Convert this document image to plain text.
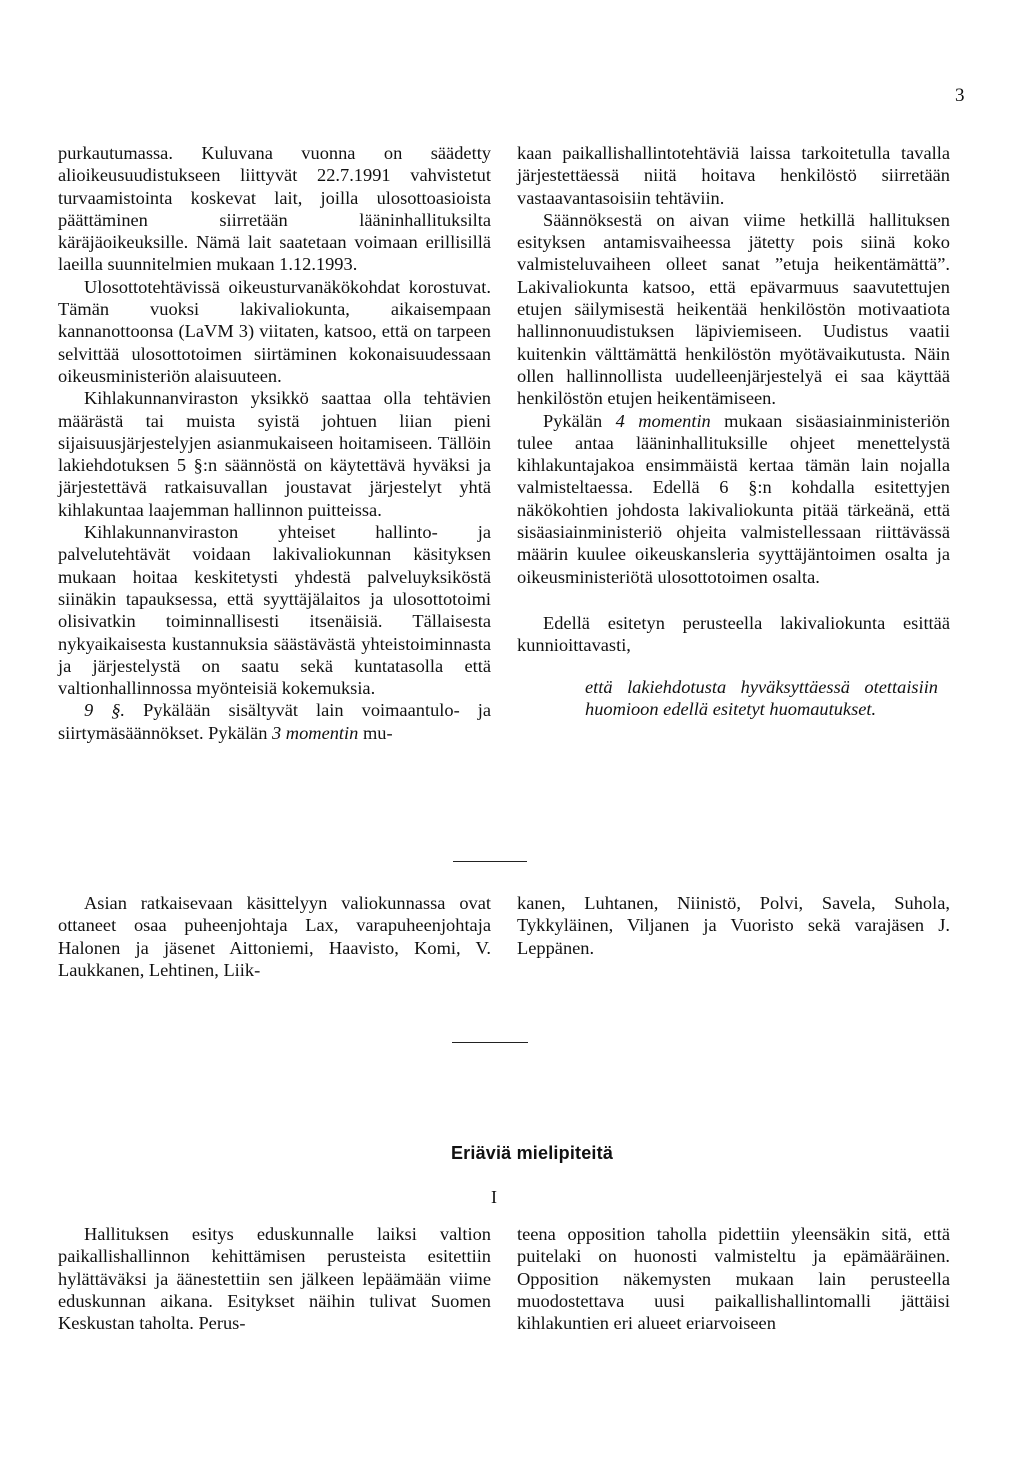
3

purkautumassa. Kuluvana vuonna on säädetty alioikeusuudistukseen liittyvät 22.7.1991 vahvistetut turvaamistointa koskevat lait, joilla ulosottoasioista päättäminen siirretään lääninhallituksilta käräjäoikeuksille. Nämä lait saatetaan voimaan erillisillä laeilla suunnitelmien mukaan 1.12.1993.

Ulosottotehtävissä oikeusturvanäkökohdat korostuvat. Tämän vuoksi lakivaliokunta, aikaisempaan kannanottoonsa (LaVM 3) viitaten, katsoo, että on tarpeen selvittää ulosottotoimen siirtäminen kokonaisuudessaan oikeusministeriön alaisuuteen.

Kihlakunnanviraston yksikkö saattaa olla tehtävien määrästä tai muista syistä johtuen liian pieni sijaisuusjärjestelyjen asianmukaiseen hoitamiseen. Tällöin lakiehdotuksen 5 §:n säännöstä on käytettävä hyväksi ja järjestettävä ratkaisuvallan joustavat järjestelyt yhtä kihlakuntaa laajemman hallinnon puitteissa.

Kihlakunnanviraston yhteiset hallinto- ja palvelutehtävät voidaan lakivaliokunnan käsityksen mukaan hoitaa keskitetysti yhdestä palveluyksiköstä siinäkin tapauksessa, että syyttäjälaitos ja ulosottotoimi olisivatkin toiminnallisesti itsenäisiä. Tällaisesta nykyaikaisesta kustannuksia säästävästä yhteistoiminnasta ja järjestelystä on saatu sekä kuntatasolla että valtionhallinnossa myönteisiä kokemuksia.

9 §. Pykälään sisältyvät lain voimaantulo- ja siirtymäsäännökset. Pykälän 3 momentin mu-

kaan paikallishallintotehtäviä laissa tarkoitetulla tavalla järjestettäessä niitä hoitava henkilöstö siirretään vastaavantasoisiin tehtäviin.

Säännöksestä on aivan viime hetkillä hallituksen esityksen antamisvaiheessa jätetty pois siinä koko valmisteluvaiheen olleet sanat ”etuja heikentämättä”. Lakivaliokunta katsoo, että epävarmuus saavutettujen etujen säilymisestä heikentää henkilöstön motivaatiota hallinnonuudistuksen läpiviemiseen. Uudistus vaatii kuitenkin välttämättä henkilöstön myötävaikutusta. Näin ollen hallinnollista uudelleenjärjestelyä ei saa käyttää henkilöstön etujen heikentämiseen.

Pykälän 4 momentin mukaan sisäasiainministeriön tulee antaa lääninhallituksille ohjeet menettelystä kihlakuntajakoa ensimmäistä kertaa tämän lain nojalla valmisteltaessa. Edellä 6 §:n kohdalla esitettyjen näkökohtien johdosta lakivaliokunta pitää tärkeänä, että sisäasiainministeriö ohjeita valmistellessaan riittävässä määrin kuulee oikeuskansleria syyttäjäntoimen osalta ja oikeusministeriötä ulosottotoimen osalta.

Edellä esitetyn perusteella lakivaliokunta esittää kunnioittavasti,

että lakiehdotusta hyväksyttäessä otettaisiin huomioon edellä esitetyt huomautukset.

Asian ratkaisevaan käsittelyyn valiokunnassa ovat ottaneet osaa puheenjohtaja Lax, varapuheenjohtaja Halonen ja jäsenet Aittoniemi, Haavisto, Komi, V. Laukkanen, Lehtinen, Liik-

kanen, Luhtanen, Niinistö, Polvi, Savela, Suhola, Tykkyläinen, Viljanen ja Vuoristo sekä varajäsen J. Leppänen.

Eriäviä mielipiteitä
I

Hallituksen esitys eduskunnalle laiksi valtion paikallishallinnon kehittämisen perusteista esitettiin hylättäväksi ja äänestettiin sen jälkeen lepäämään viime eduskunnan aikana. Esitykset näihin tulivat Suomen Keskustan taholta. Perus-

teena opposition taholla pidettiin yleensäkin sitä, että puitelaki on huonosti valmisteltu ja epämääräinen. Opposition näkemysten mukaan lain perusteella muodostettava uusi paikallishallintomalli jättäisi kihlakuntien eri alueet eriarvoiseen
